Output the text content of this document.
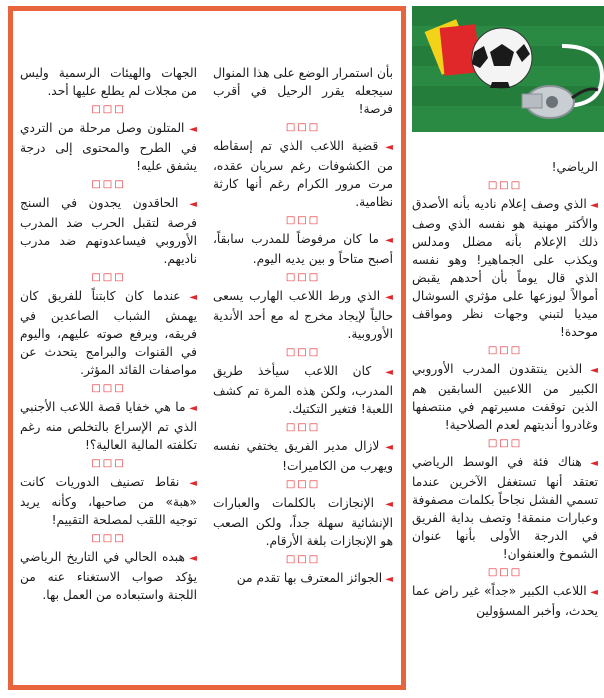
الجهات والهيئات الرسمية وليس من مجلات لم يطلع عليها أحد.

□□□

◄ المتلون وصل مرحلة من التردي في الطرح والمحتوى إلى درجة يشفق عليه!

□□□

◄ الحاقدون يجدون في السنج فرصة لتقبل الحرب ضد المدرب الأوروبي فيساعدونهم ضد مدرب ناديهم.

□□□

◄ عندما كان كابتناً للفريق كان يهمش الشباب الصاعدين في فريقه، ويرفع صوته عليهم، واليوم في القنوات والبرامج يتحدث عن مواصفات القائد المؤثر.

□□□

◄ ما هي خفايا قصة اللاعب الأجنبي الذي تم الإسراع بالتخلص منه رغم تكلفته المالية العالية؟!

□□□

◄ نقاط تصنيف الدوريات كانت «هبة» من صاحبها، وكأنه يريد توجيه اللقب لمصلحة التقييم!

□□□

◄ هبده الحالي في التاريخ الرياضي يؤكد صواب الاستغناء عنه من اللجنة واستبعاده من العمل بها.

بأن استمرار الوضع على هذا المنوال سيجعله يقرر الرحيل في أقرب فرصة!

□□□

◄ قضية اللاعب الذي تم إسقاطه من الكشوفات رغم سريان عقده، مرت مرور الكرام رغم أنها كارثة نظامية.

□□□

◄ ما كان مرفوضاً للمدرب سابقاً، أصبح متاحاً و بين يديه اليوم.

□□□

◄ الذي ورط اللاعب الهارب يسعى حالياً لإيجاد مخرج له مع أحد الأندية الأوروبية.

□□□

◄ كان اللاعب سيأخذ طريق المدرب، ولكن هذه المرة تم كشف اللعبة! فتغير التكتيك.

□□□

◄ لازال مدير الفريق يختفي نفسه ويهرب من الكاميرات!

□□□

◄ الإنجازات بالكلمات والعبارات الإنشائية سهلة جداً، ولكن الصعب هو الإنجازات بلغة الأرقام.

□□□

◄ الجوائز المعترف بها تقدم من

الرياضي!

□□□

◄ الذي وصف إعلام ناديه بأنه الأصدق والأكثر مهنية هو نفسه الذي وصف ذلك الإعلام بأنه مضلل ومدلس ويكذب على الجماهير! وهو نفسه الذي قال يوماً بأن أحدهم يقبض أموالاً ليوزعها على مؤثري السوشال ميديا لتبني وجهات نظر ومواقف موحدة!

□□□

◄ الذين ينتقدون المدرب الأوروبي الكبير من اللاعبين السابقين هم الذين توقفت مسيرتهم في منتصفها وغادروا أنديتهم لعدم الصلاحية!

□□□

◄ هناك فئة في الوسط الرياضي تعتقد أنها تستغفل الآخرين عندما تسمي الفشل نجاحاً بكلمات مصفوفة وعبارات منمقة! وتصف بداية الفريق في الدرجة الأولى بأنها عنوان الشموخ والعنفوان!

□□□

◄ اللاعب الكبير «جداً» غير راض عما يحدث، وأخبر المسؤولين
